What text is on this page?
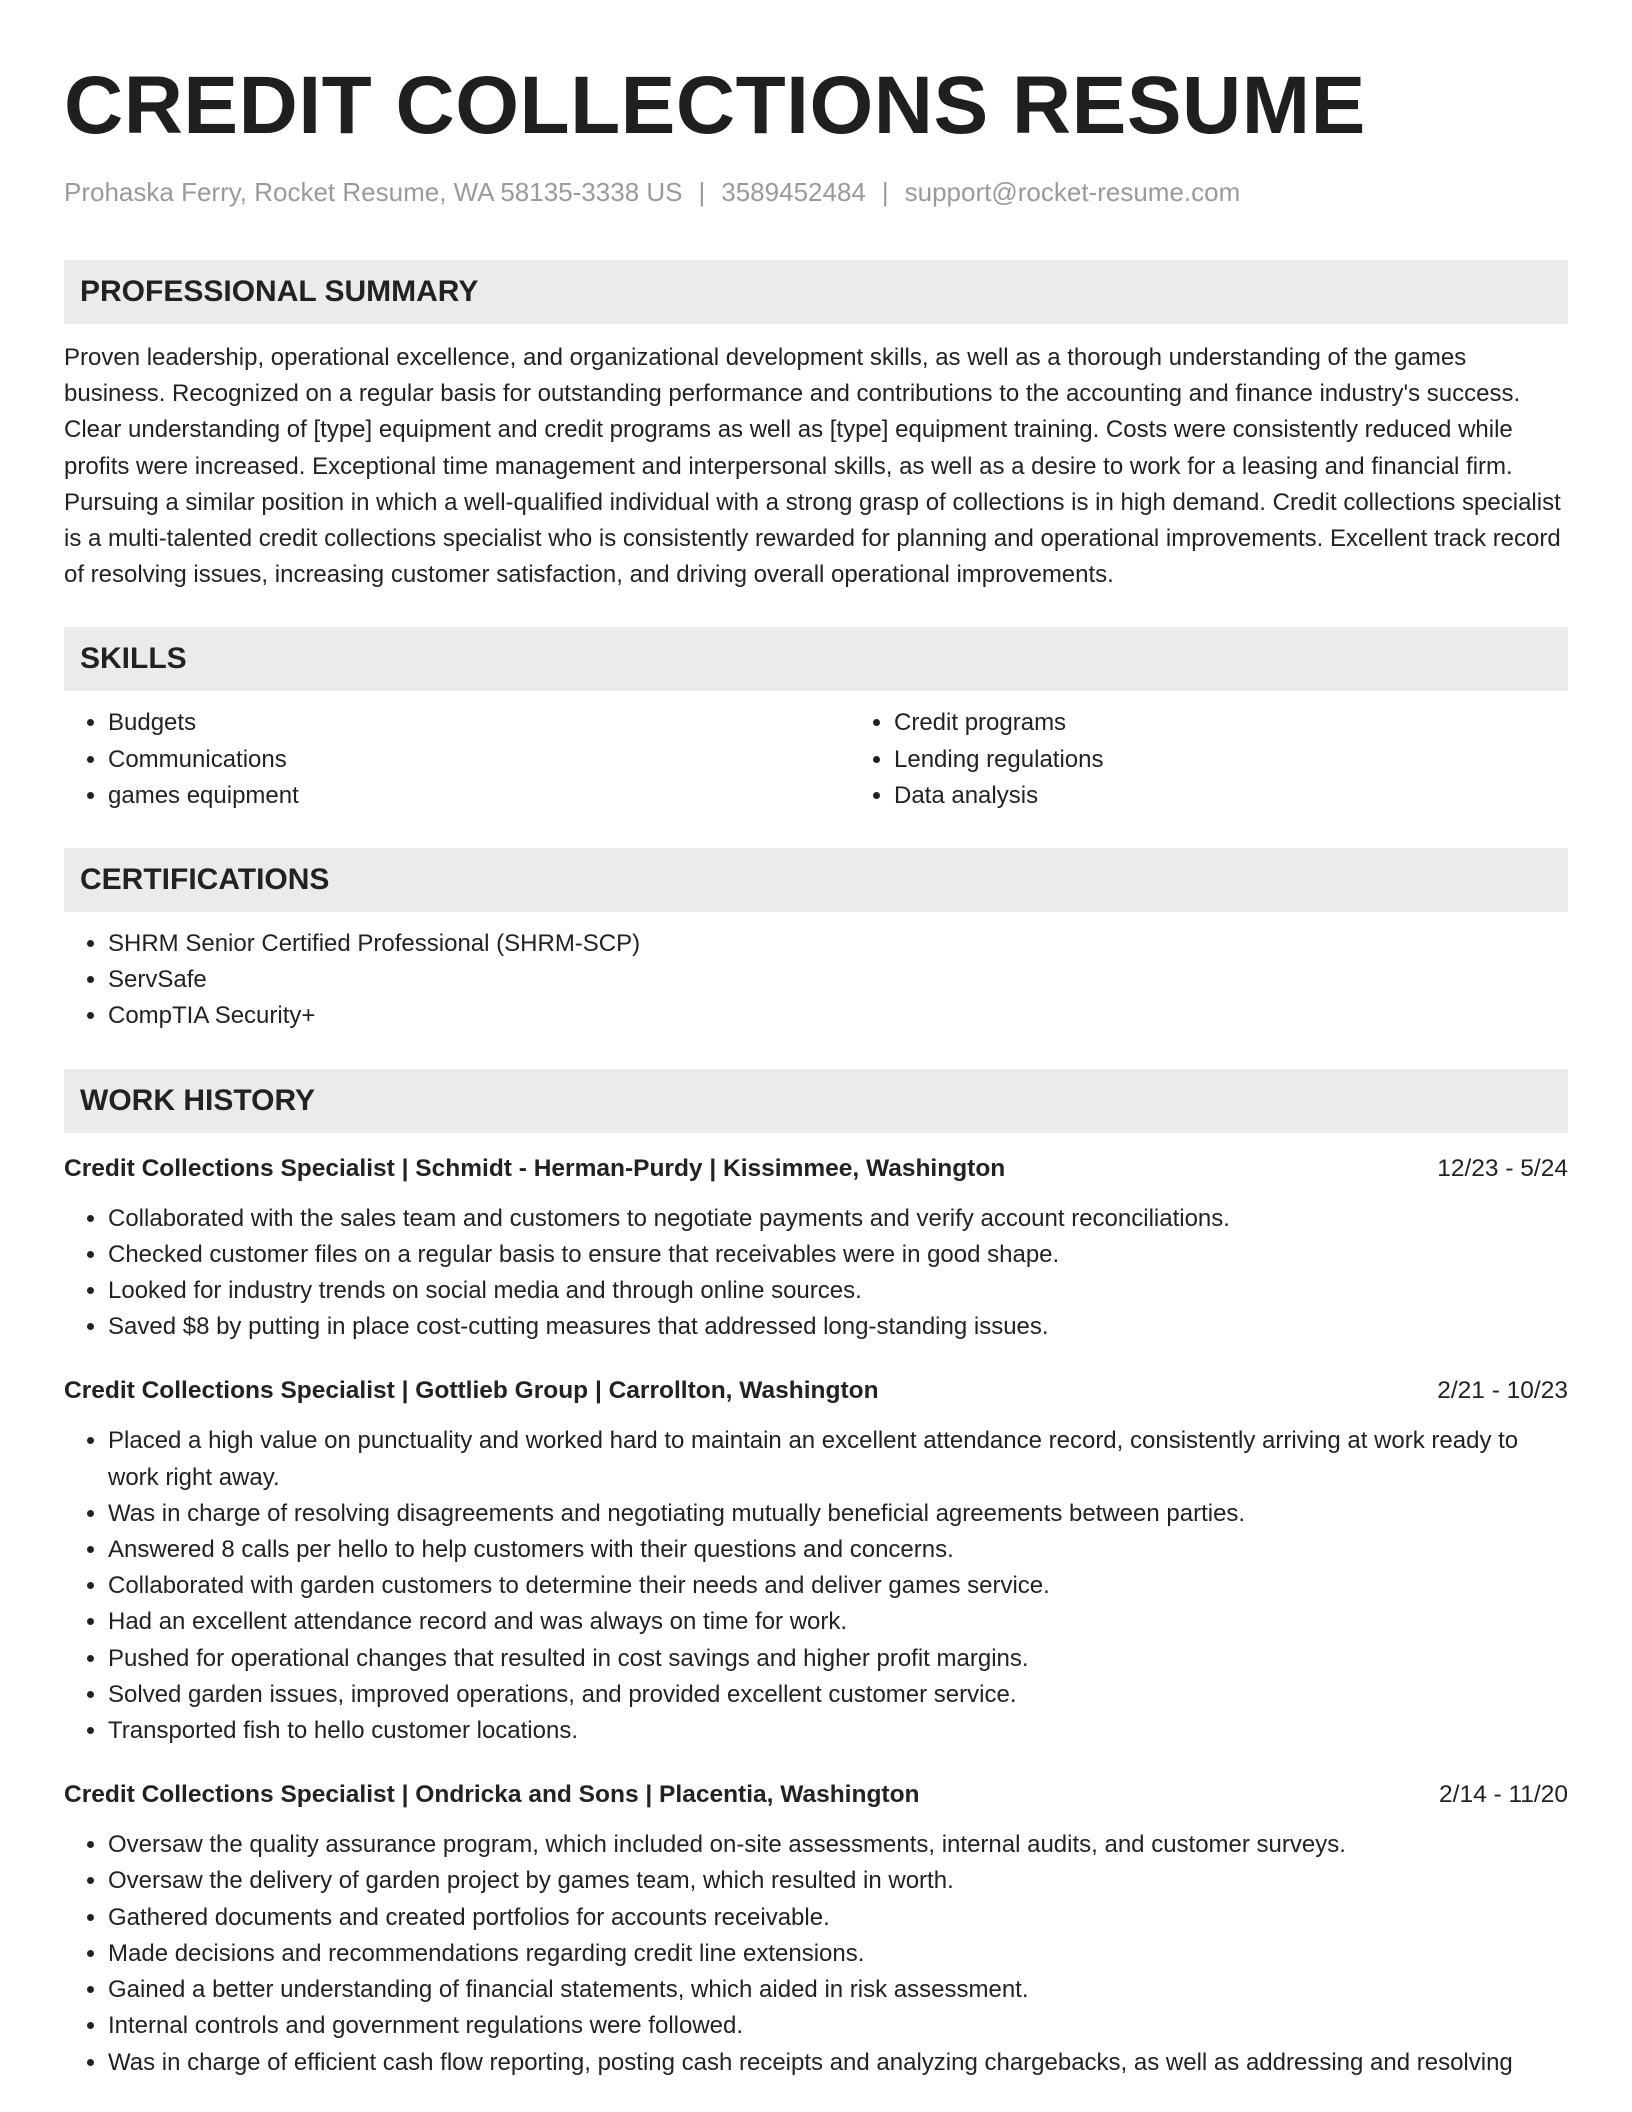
CREDIT COLLECTIONS RESUME
Prohaska Ferry, Rocket Resume, WA 58135-3338 US | 3589452484 | support@rocket-resume.com
PROFESSIONAL SUMMARY

Proven leadership, operational excellence, and organizational development skills, as well as a thorough understanding of the games business. Recognized on a regular basis for outstanding performance and contributions to the accounting and finance industry's success. Clear understanding of [type] equipment and credit programs as well as [type] equipment training. Costs were consistently reduced while profits were increased. Exceptional time management and interpersonal skills, as well as a desire to work for a leasing and financial firm. Pursuing a similar position in which a well-qualified individual with a strong grasp of collections is in high demand. Credit collections specialist is a multi-talented credit collections specialist who is consistently rewarded for planning and operational improvements. Excellent track record of resolving issues, increasing customer satisfaction, and driving overall operational improvements.

SKILLS
• Budgets
• Communications
• games equipment
• Credit programs
• Lending regulations
• Data analysis
CERTIFICATIONS
• SHRM Senior Certified Professional (SHRM-SCP)
• ServSafe
• CompTIA Security+
WORK HISTORY
Credit Collections Specialist | Schmidt - Herman-Purdy | Kissimmee, Washington	12/23 - 5/24
• Collaborated with the sales team and customers to negotiate payments and verify account reconciliations.
• Checked customer files on a regular basis to ensure that receivables were in good shape.
• Looked for industry trends on social media and through online sources.
• Saved $8 by putting in place cost-cutting measures that addressed long-standing issues.
Credit Collections Specialist | Gottlieb Group | Carrollton, Washington	2/21 - 10/23
• Placed a high value on punctuality and worked hard to maintain an excellent attendance record, consistently arriving at work ready to work right away.
• Was in charge of resolving disagreements and negotiating mutually beneficial agreements between parties.
• Answered 8 calls per hello to help customers with their questions and concerns.
• Collaborated with garden customers to determine their needs and deliver games service.
• Had an excellent attendance record and was always on time for work.
• Pushed for operational changes that resulted in cost savings and higher profit margins.
• Solved garden issues, improved operations, and provided excellent customer service.
• Transported fish to hello customer locations.
Credit Collections Specialist | Ondricka and Sons | Placentia, Washington	2/14 - 11/20
• Oversaw the quality assurance program, which included on-site assessments, internal audits, and customer surveys.
• Oversaw the delivery of garden project by games team, which resulted in worth.
• Gathered documents and created portfolios for accounts receivable.
• Made decisions and recommendations regarding credit line extensions.
• Gained a better understanding of financial statements, which aided in risk assessment.
• Internal controls and government regulations were followed.
• Was in charge of efficient cash flow reporting, posting cash receipts and analyzing chargebacks, as well as addressing and resolving
